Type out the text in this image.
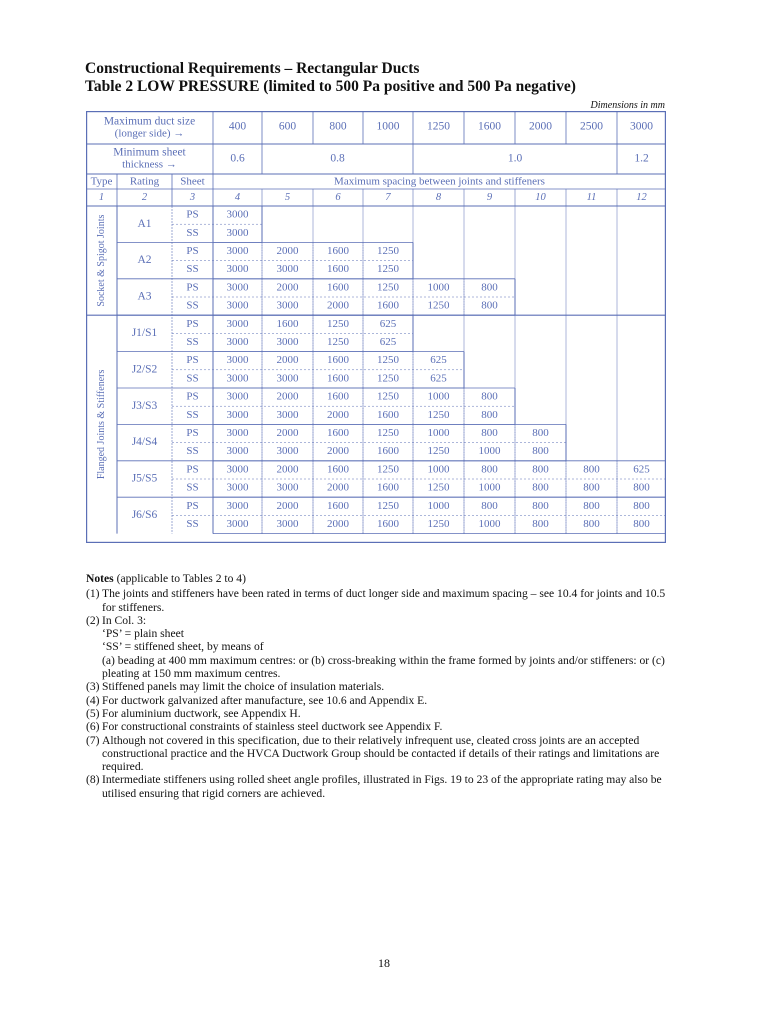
Constructional Requirements – Rectangular Ducts
Table 2 LOW PRESSURE (limited to 500 Pa positive and 500 Pa negative)
Dimensions in mm
Maximum duct size
(longer side) →
400	600	800	1000 1250 1600 2000 2500 3000
Minimum sheet
thickness →	0.6	0.8	1.0	1.2
Type Rating Sheet	Maximum spacing between joints and stiffeners
1	2	3	4	5	6	7	8	9	10	11	12
Socket & Spigot Joints
Flanged Joints & Stiffeners
A1
PS	3000
SS	3000
A2
PS	3000	2000	1600	1250
SS	3000	3000	1600	1250
A3
PS	3000	2000	1600	1250	1000	800
SS	3000	3000	2000	1600	1250	800
J1/S1
PS	3000	1600	1250	625
SS	3000	3000	1250	625
J2/S2
PS	3000	2000	1600	1250	625
SS	3000	3000	1600	1250	625
J3/S3
PS	3000	2000	1600	1250	1000	800
SS	3000	3000	2000	1600	1250	800
J4/S4
PS	3000	2000	1600	1250	1000	800	800
SS	3000	3000	2000	1600	1250	1000	800
J5/S5
PS	3000	2000	1600	1250	1000	800	800	800	625
SS	3000	3000	2000	1600	1250	1000	800	800	800
J6/S6
PS	3000	2000	1600	1250	1000	800	800	800	800
SS	3000	3000	2000	1600	1250	1000	800	800	800
Notes (applicable to Tables 2 to 4)
(1) The joints and stiffeners have been rated in terms of duct longer side and maximum spacing – see 10.4 for joints and 10.5 for stiffeners.
(2) In Col. 3:
‘PS’ = plain sheet
‘SS’ = stiffened sheet, by means of
(a) beading at 400 mm maximum centres: or (b) cross-breaking within the frame formed by joints and/or stiffeners: or (c) pleating at 150 mm maximum centres.
(3) Stiffened panels may limit the choice of insulation materials.
(4) For ductwork galvanized after manufacture, see 10.6 and Appendix E.
(5) For aluminium ductwork, see Appendix H.
(6) For constructional constraints of stainless steel ductwork see Appendix F.
(7) Although not covered in this specification, due to their relatively infrequent use, cleated cross joints are an accepted constructional practice and the HVCA Ductwork Group should be contacted if details of their ratings and limitations are required.
(8) Intermediate stiffeners using rolled sheet angle profiles, illustrated in Figs. 19 to 23 of the appropriate rating may also be utilised ensuring that rigid corners are achieved.
18
